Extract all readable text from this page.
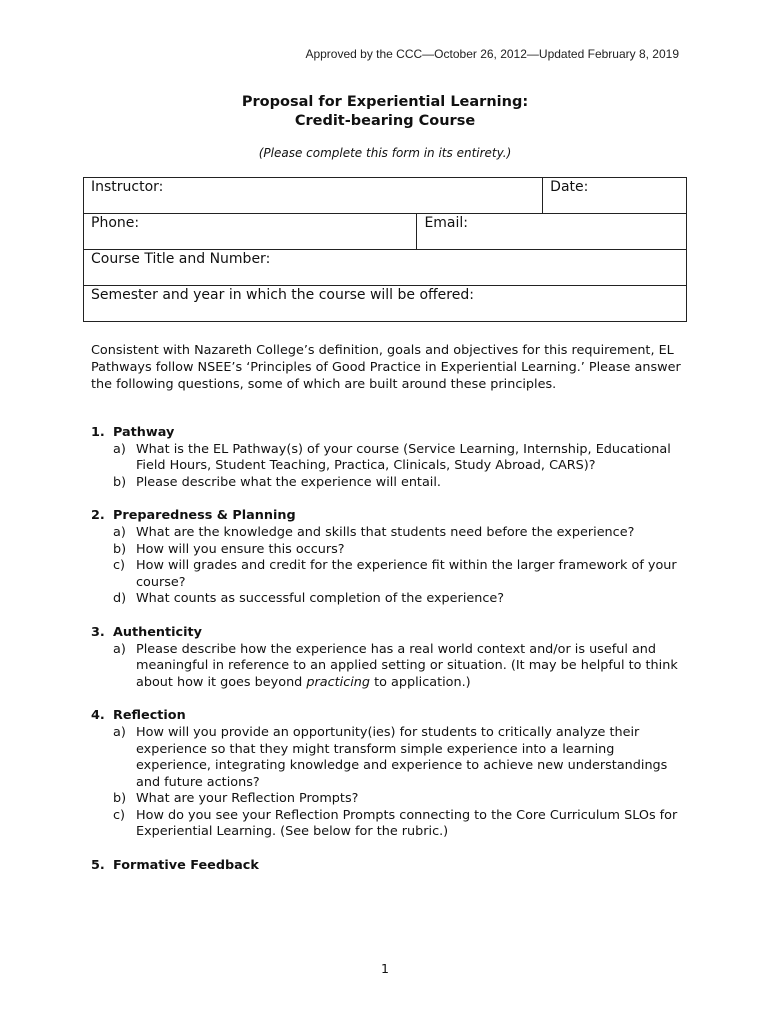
Approved by the CCC—October 26, 2012—Updated February 8, 2019
Proposal for Experiential Learning:
Credit-bearing Course
(Please complete this form in its entirety.)
Instructor:		Date:
Phone:	Email:	
Course Title and Number:		
Semester and year in which the course will be offered:		
Consistent with Nazareth College’s definition, goals and objectives for this requirement, EL Pathways follow NSEE’s ‘Principles of Good Practice in Experiential Learning.’ Please answer the following questions, some of which are built around these principles.
1. Pathway
a) What is the EL Pathway(s) of your course (Service Learning, Internship, Educational Field Hours, Student Teaching, Practica, Clinicals, Study Abroad, CARS)?
b) Please describe what the experience will entail.
2. Preparedness & Planning
a) What are the knowledge and skills that students need before the experience?
b) How will you ensure this occurs?
c) How will grades and credit for the experience fit within the larger framework of your course?
d) What counts as successful completion of the experience?
3. Authenticity
a) Please describe how the experience has a real world context and/or is useful and meaningful in reference to an applied setting or situation. (It may be helpful to think about how it goes beyond practicing to application.)
4. Reflection
a) How will you provide an opportunity(ies) for students to critically analyze their experience so that they might transform simple experience into a learning experience, integrating knowledge and experience to achieve new understandings and future actions?
b) What are your Reflection Prompts?
c) How do you see your Reflection Prompts connecting to the Core Curriculum SLOs for Experiential Learning. (See below for the rubric.)
5. Formative Feedback
1
